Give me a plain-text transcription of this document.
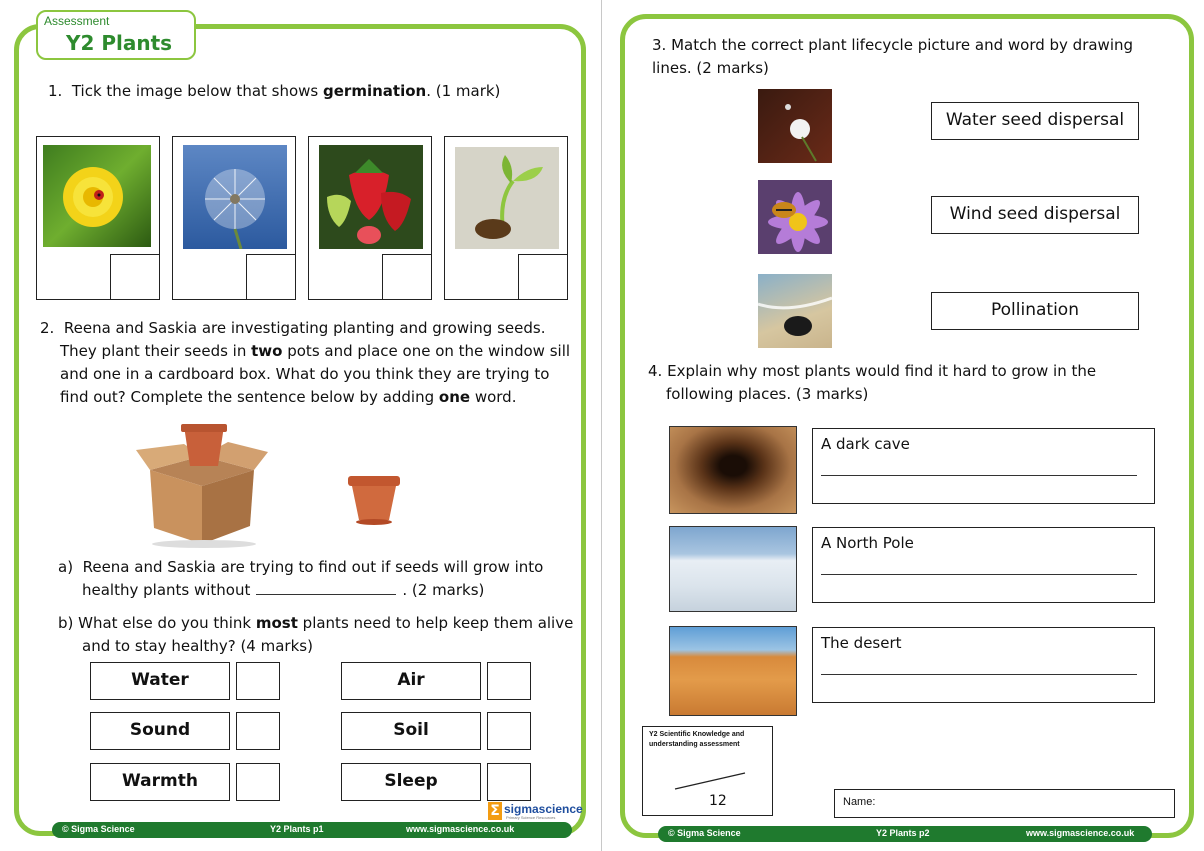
Assessment
Y2 Plants
1. Tick the image below that shows germination. (1 mark)
2. Reena and Saskia are investigating planting and growing seeds.
They plant their seeds in two pots and place one on the window sill
and one in a cardboard box. What do you think they are trying to
find out? Complete the sentence below by adding one word.
a) Reena and Saskia are trying to find out if seeds will grow into
healthy plants without	. (2 marks)
b) What else do you think most plants need to help keep them alive
and to stay healthy? (4 marks)
Water	Air
Sound	Soil
Warmth	Sleep
Σ sigmascience
Primary Science Resources
© Sigma Science	Y2 Plants p1	www.sigmascience.co.uk
3. Match the correct plant lifecycle picture and word by drawing
lines. (2 marks)
Water seed dispersal
Wind seed dispersal
Pollination
4. Explain why most plants would find it hard to grow in the
following places. (3 marks)
A dark cave
A North Pole
The desert
Y2 Scientific Knowledge and
understanding assessment
12	Name:
© Sigma Science	Y2 Plants p2	www.sigmascience.co.uk
